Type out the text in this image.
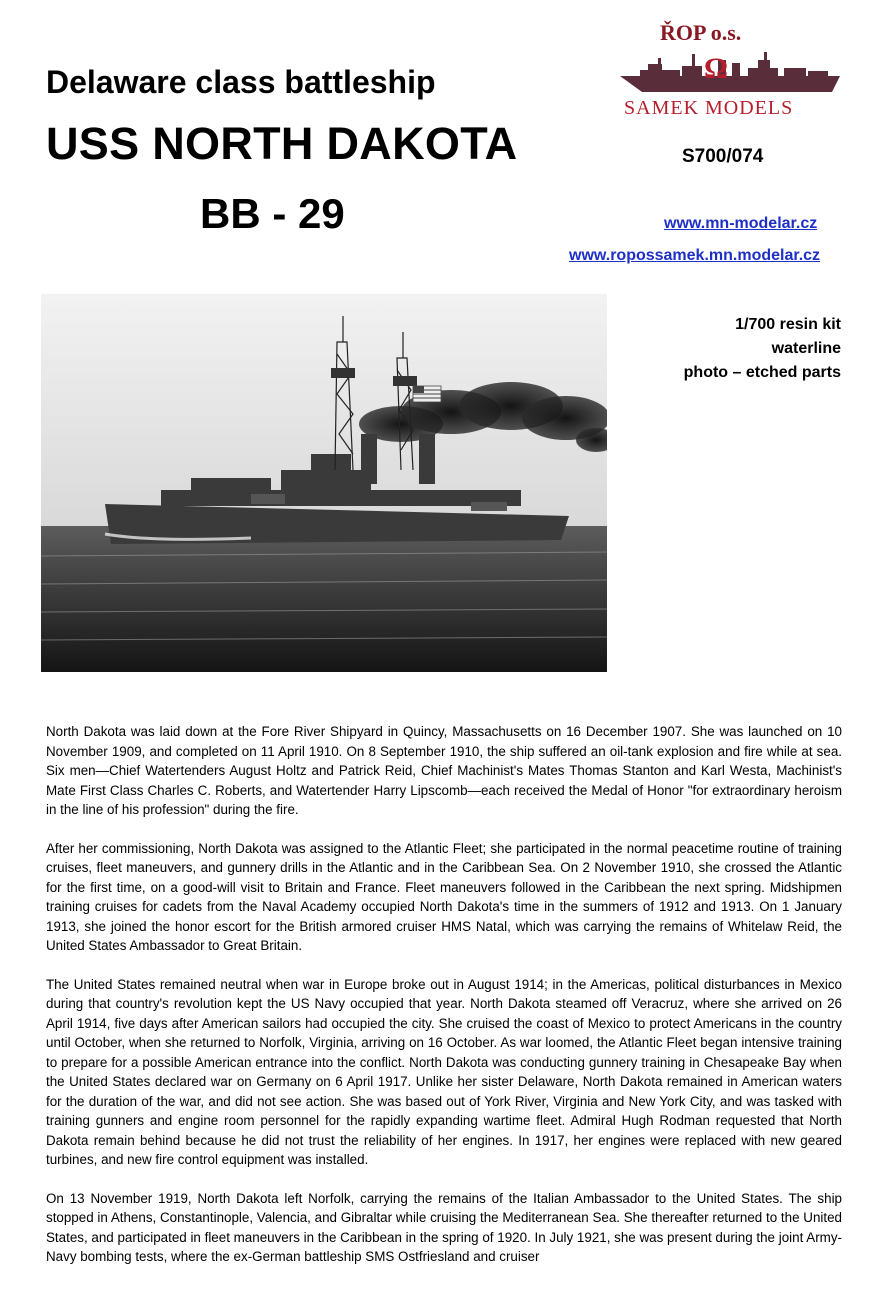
Delaware class battleship
USS NORTH DAKOTA
BB - 29
ŘOP o.s.
Ω
SAMEK MODELS
S700/074
www.mn-modelar.cz
www.ropossamek.mn.modelar.cz
1/700 resin kit
waterline
photo – etched parts

North Dakota was laid down at the Fore River Shipyard in Quincy, Massachusetts on 16 December 1907. She was launched on 10 November 1909, and completed on 11 April 1910. On 8 September 1910, the ship suffered an oil-tank explosion and fire while at sea. Six men—Chief Watertenders August Holtz and Patrick Reid, Chief Machinist's Mates Thomas Stanton and Karl Westa, Machinist's Mate First Class Charles C. Roberts, and Watertender Harry Lipscomb—each received the Medal of Honor "for extraordinary heroism in the line of his profession" during the fire.

After her commissioning, North Dakota was assigned to the Atlantic Fleet; she participated in the normal peacetime routine of training cruises, fleet maneuvers, and gunnery drills in the Atlantic and in the Caribbean Sea. On 2 November 1910, she crossed the Atlantic for the first time, on a good-will visit to Britain and France. Fleet maneuvers followed in the Caribbean the next spring. Midshipmen training cruises for cadets from the Naval Academy occupied North Dakota's time in the summers of 1912 and 1913. On 1 January 1913, she joined the honor escort for the British armored cruiser HMS Natal, which was carrying the remains of Whitelaw Reid, the United States Ambassador to Great Britain.

The United States remained neutral when war in Europe broke out in August 1914; in the Americas, political disturbances in Mexico during that country's revolution kept the US Navy occupied that year. North Dakota steamed off Veracruz, where she arrived on 26 April 1914, five days after American sailors had occupied the city. She cruised the coast of Mexico to protect Americans in the country until October, when she returned to Norfolk, Virginia, arriving on 16 October. As war loomed, the Atlantic Fleet began intensive training to prepare for a possible American entrance into the conflict. North Dakota was conducting gunnery training in Chesapeake Bay when the United States declared war on Germany on 6 April 1917. Unlike her sister Delaware, North Dakota remained in American waters for the duration of the war, and did not see action. She was based out of York River, Virginia and New York City, and was tasked with training gunners and engine room personnel for the rapidly expanding wartime fleet. Admiral Hugh Rodman requested that North Dakota remain behind because he did not trust the reliability of her engines. In 1917, her engines were replaced with new geared turbines, and new fire control equipment was installed.

On 13 November 1919, North Dakota left Norfolk, carrying the remains of the Italian Ambassador to the United States. The ship stopped in Athens, Constantinople, Valencia, and Gibraltar while cruising the Mediterranean Sea. She thereafter returned to the United States, and participated in fleet maneuvers in the Caribbean in the spring of 1920. In July 1921, she was present during the joint Army-Navy bombing tests, where the ex-German battleship SMS Ostfriesland and cruiser
